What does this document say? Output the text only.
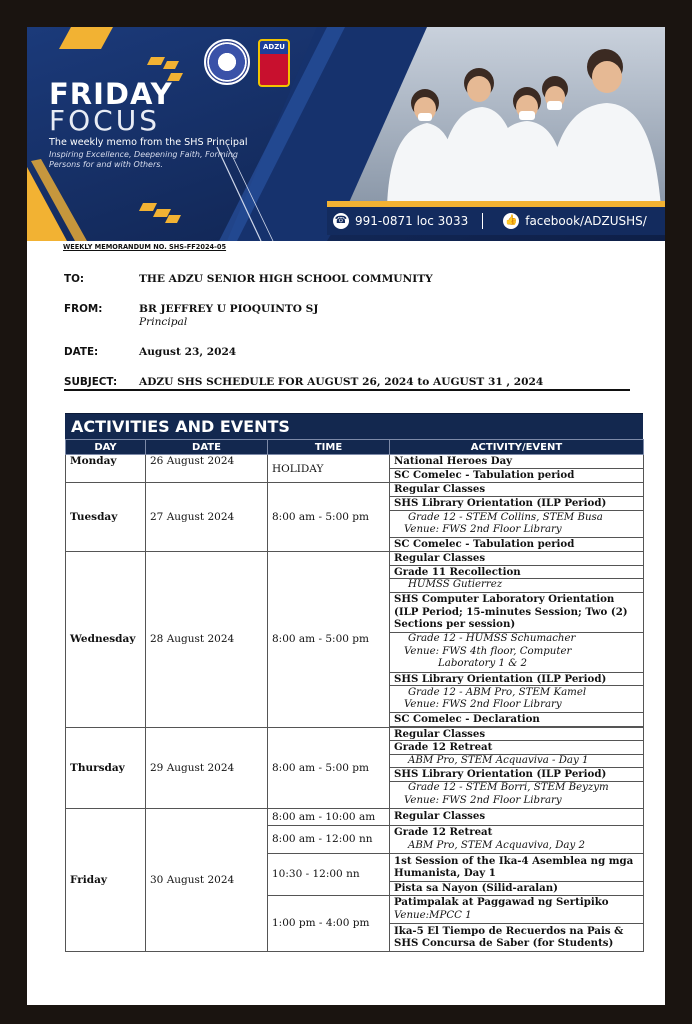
ADZU
FRIDAY
FOCUS
The weekly memo from the SHS Principal
Inspiring Excellence, Deepening Faith, Forming Persons for and with Others.
☎ 991-0871 loc 3033	👍 facebook/ADZUSHS/
WEEKLY MEMORANDUM NO. SHS-FF2024-05
TO:	THE ADZU SENIOR HIGH SCHOOL COMMUNITY
FROM:	BR JEFFREY U PIOQUINTO SJ
Principal
DATE:	August 23, 2024
SUBJECT: ADZU SHS SCHEDULE FOR AUGUST 26, 2024 to AUGUST 31 , 2024
ACTIVITIES AND EVENTS
DAY	DATE	TIME	ACTIVITY/EVENT
Monday	26 August 2024	HOLIDAY	National Heroes Day
			SC Comelec - Tabulation period
Tuesday	27 August 2024	8:00 am - 5:00 pm	Regular Classes
			SHS Library Orientation (ILP Period)
			Grade 12 - STEM Collins, STEM Busa
Venue: FWS 2nd Floor Library
			SC Comelec - Tabulation period
Wednesday	28 August 2024	8:00 am - 5:00 pm	Regular Classes
			Grade 11 Recollection
			HUMSS Gutierrez
			SHS Computer Laboratory Orientation
(ILP Period; 15-minutes Session; Two (2)
Sections per session)
			Grade 12 - HUMSS Schumacher
Venue: FWS 4th floor, Computer

Laboratory 1 & 2

			SHS Library Orientation (ILP Period)
			Grade 12 - ABM Pro, STEM Kamel
Venue: FWS 2nd Floor Library
			SC Comelec - Declaration

Thursday	29 August 2024	8:00 am - 5:00 pm	Regular Classes
			Grade 12 Retreat
			ABM Pro, STEM Acquaviva - Day 1
			SHS Library Orientation (ILP Period)
			Grade 12 - STEM Borri, STEM Beyzym
Venue: FWS 2nd Floor Library
Friday	30 August 2024	8:00 am - 10:00 am	Regular Classes
		8:00 am - 12:00 nn	Grade 12 Retreat
ABM Pro, STEM Acquaviva, Day 2
		10:30 - 12:00 nn	1st Session of the Ika-4 Asemblea ng mga
Humanista, Day 1
			Pista sa Nayon (Silid-aralan)
		1:00 pm - 4:00 pm	Patimpalak at Paggawad ng Sertipiko
Venue:MPCC 1
			Ika-5 El Tiempo de Recuerdos na Pais &
SHS Concursa de Saber (for Students)
